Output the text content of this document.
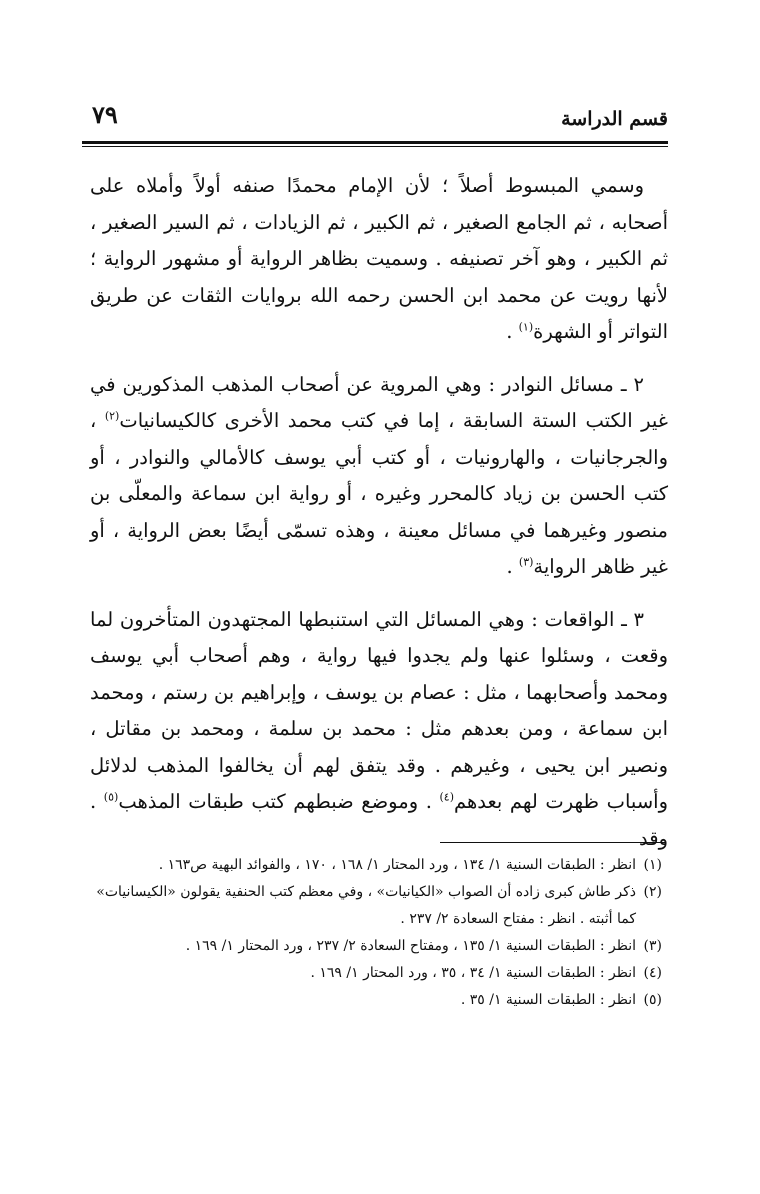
٧٩	قسم الدراسة

وسمي المبسوط أصلاً ؛ لأن الإمام محمدًا صنفه أولاً وأملاه على أصحابه ، ثم الجامع الصغير ، ثم الكبير ، ثم الزيادات ، ثم السير الصغير ، ثم الكبير ، وهو آخر تصنيفه . وسميت بظاهر الرواية أو مشهور الرواية ؛ لأنها رويت عن محمد ابن الحسن رحمه الله بروايات الثقات عن طريق التواتر أو الشهرة$^{(١)}$ .

٢ ـ مسائل النوادر : وهي المروية عن أصحاب المذهب المذكورين في غير الكتب الستة السابقة ، إما في كتب محمد الأخرى كالكيسانيات$^{(٢)}$ ، والجرجانيات ، والهارونيات ، أو كتب أبي يوسف كالأمالي والنوادر ، أو كتب الحسن بن زياد كالمحرر وغيره ، أو رواية ابن سماعة والمعلّى بن منصور وغيرهما في مسائل معينة ، وهذه تسمّى أيضًا بعض الرواية ، أو غير ظاهر الرواية$^{(٣)}$ .

٣ ـ الواقعات : وهي المسائل التي استنبطها المجتهدون المتأخرون لما وقعت ، وسئلوا عنها ولم يجدوا فيها رواية ، وهم أصحاب أبي يوسف ومحمد وأصحابهما ، مثل : عصام بن يوسف ، وإبراهيم بن رستم ، ومحمد ابن سماعة ، ومن بعدهم مثل : محمد بن سلمة ، ومحمد بن مقاتل ، ونصير ابن يحيى ، وغيرهم . وقد يتفق لهم أن يخالفوا المذهب لدلائل وأسباب ظهرت لهم بعدهم$^{(٤)}$ . وموضع ضبطهم كتب طبقات المذهب$^{(٥)}$ . وقد

(١)انظر : الطبقات السنية ١/ ١٣٤ ، ورد المحتار ١/ ١٦٨ ، ١٧٠ ، والفوائد البهية ص١٦٣ .

(٢)ذكر طاش كبرى زاده أن الصواب «الكيانيات» ، وفي معظم كتب الحنفية يقولون «الكيسانيات»

كما أثبته . انظر : مفتاح السعادة ٢/ ٢٣٧ .

(٣)انظر : الطبقات السنية ١/ ١٣٥ ، ومفتاح السعادة ٢/ ٢٣٧ ، ورد المحتار ١/ ١٦٩ .

(٤)انظر : الطبقات السنية ١/ ٣٤ ، ٣٥ ، ورد المحتار ١/ ١٦٩ .

(٥)انظر : الطبقات السنية ١/ ٣٥ .
